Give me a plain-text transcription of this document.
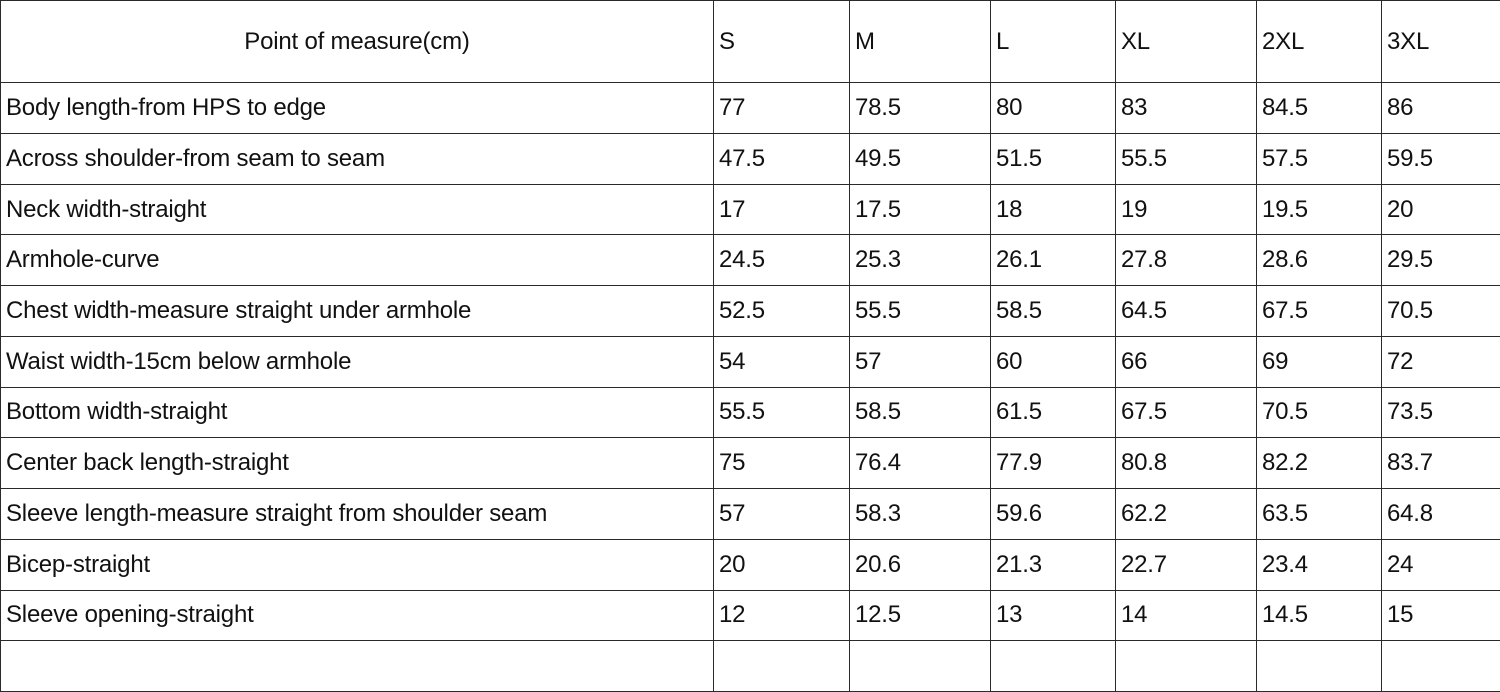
Point of measure(cm)	S	M	L	XL	2XL	3XL
Body length-from HPS to edge	77	78.5	80	83	84.5	86
Across shoulder-from seam to seam	47.5	49.5	51.5	55.5	57.5	59.5
Neck width-straight	17	17.5	18	19	19.5	20
Armhole-curve	24.5	25.3	26.1	27.8	28.6	29.5
Chest width-measure straight under armhole	52.5	55.5	58.5	64.5	67.5	70.5
Waist width-15cm below armhole	54	57	60	66	69	72
Bottom width-straight	55.5	58.5	61.5	67.5	70.5	73.5
Center back length-straight	75	76.4	77.9	80.8	82.2	83.7
Sleeve length-measure straight from shoulder seam	57	58.3	59.6	62.2	63.5	64.8
Bicep-straight	20	20.6	21.3	22.7	23.4	24
Sleeve opening-straight	12	12.5	13	14	14.5	15
